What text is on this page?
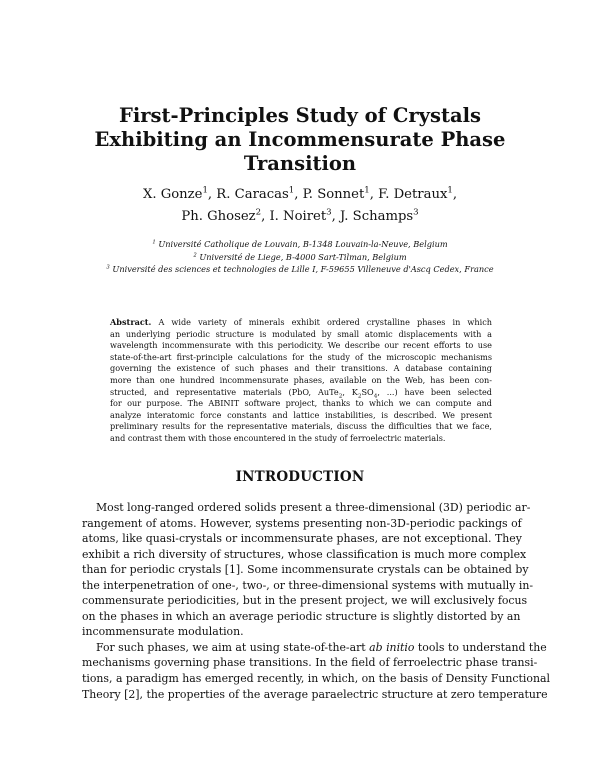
First-Principles Study of Crystals
Exhibiting an Incommensurate Phase
Transition
X. Gonze$^1$, R. Caracas$^1$, P. Sonnet$^1$, F. Detraux$^1$,
Ph. Ghosez$^2$, I. Noiret$^3$, J. Schamps$^3$
$^1$ Université Catholique de Louvain, B-1348 Louvain-la-Neuve, Belgium
$^2$ Université de Liege, B-4000 Sart-Tilman, Belgium
$^3$ Université des sciences et technologies de Lille I, F-59655 Villeneuve d'Ascq Cedex, France
Abstract. A wide variety of minerals exhibit ordered crystalline phases in which
an underlying periodic structure is modulated by small atomic displacements with a
wavelength incommensurate with this periodicity. We describe our recent efforts to use
state-of-the-art first-principle calculations for the study of the microscopic mechanisms
governing the existence of such phases and their transitions. A database containing
more than one hundred incommensurate phases, available on the Web, has been con-
structed, and representative materials (PbO, AuTe$_2$, $K_2SO_4$, ...) have been selected
for our purpose. The ABINIT software project, thanks to which we can compute and
analyze interatomic force constants and lattice instabilities, is described. We present
preliminary results for the representative materials, discuss the difficulties that we face,
and contrast them with those encountered in the study of ferroelectric materials.
INTRODUCTION
Most long-ranged ordered solids present a three-dimensional (3D) periodic ar-
rangement of atoms. However, systems presenting non-3D-periodic packings of
atoms, like quasi-crystals or incommensurate phases, are not exceptional. They
exhibit a rich diversity of structures, whose classification is much more complex
than for periodic crystals [1]. Some incommensurate crystals can be obtained by
the interpenetration of one-, two-, or three-dimensional systems with mutually in-
commensurate periodicities, but in the present project, we will exclusively focus
on the phases in which an average periodic structure is slightly distorted by an
incommensurate modulation.
For such phases, we aim at using state-of-the-art ab initio tools to understand the
mechanisms governing phase transitions. In the field of ferroelectric phase transi-
tions, a paradigm has emerged recently, in which, on the basis of Density Functional
Theory [2], the properties of the average paraelectric structure at zero temperature
